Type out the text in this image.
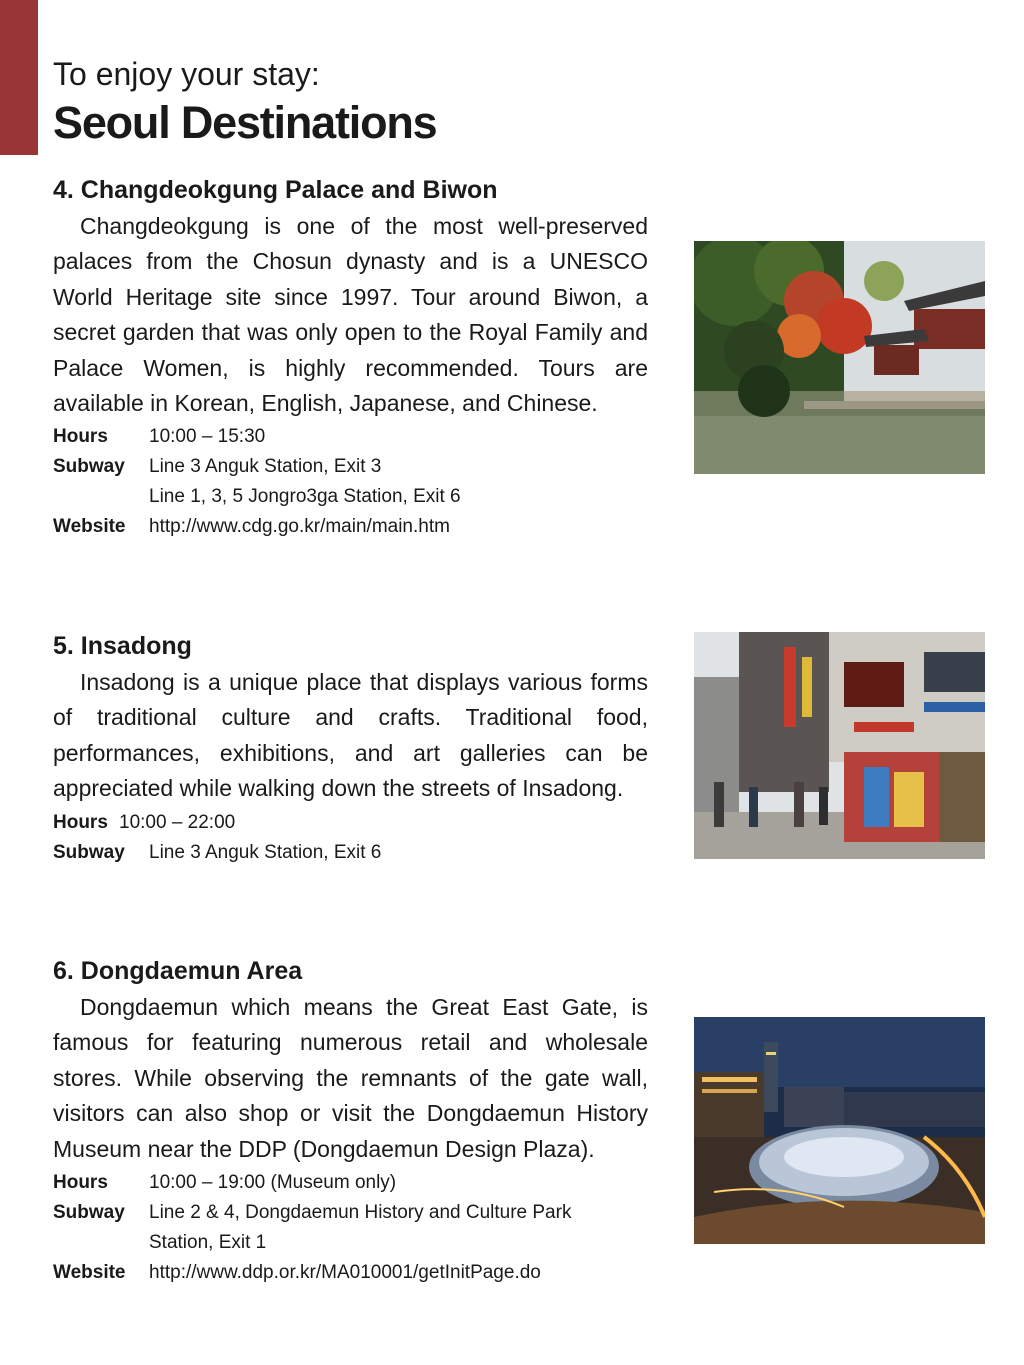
To enjoy your stay:
Seoul Destinations
4. Changdeokgung Palace and Biwon

Changdeokgung is one of the most well-preserved palaces from the Chosun dynasty and is a UNESCO World Heritage site since 1997. Tour around Biwon, a secret garden that was only open to the Royal Family and Palace Women, is highly recommended. Tours are available in Korean, English, Japanese, and Chinese.

Hours 10:00 – 15:30
Subway Line 3 Anguk Station, Exit 3
Line 1, 3, 5 Jongro3ga Station, Exit 6
Website http://www.cdg.go.kr/main/main.htm
5. Insadong

Insadong is a unique place that displays various forms of traditional culture and crafts. Traditional food, performances, exhibitions, and art galleries can be appreciated while walking down the streets of Insadong.

Hours 10:00 – 22:00
Subway Line 3 Anguk Station, Exit 6
6. Dongdaemun Area

Dongdaemun which means the Great East Gate, is famous for featuring numerous retail and wholesale stores. While observing the remnants of the gate wall, visitors can also shop or visit the Dongdaemun History Museum near the DDP (Dongdaemun Design Plaza).

Hours 10:00 – 19:00 (Museum only)
Subway Line 2 & 4, Dongdaemun History and Culture Park
Station, Exit 1
Website http://www.ddp.or.kr/MA010001/getInitPage.do
